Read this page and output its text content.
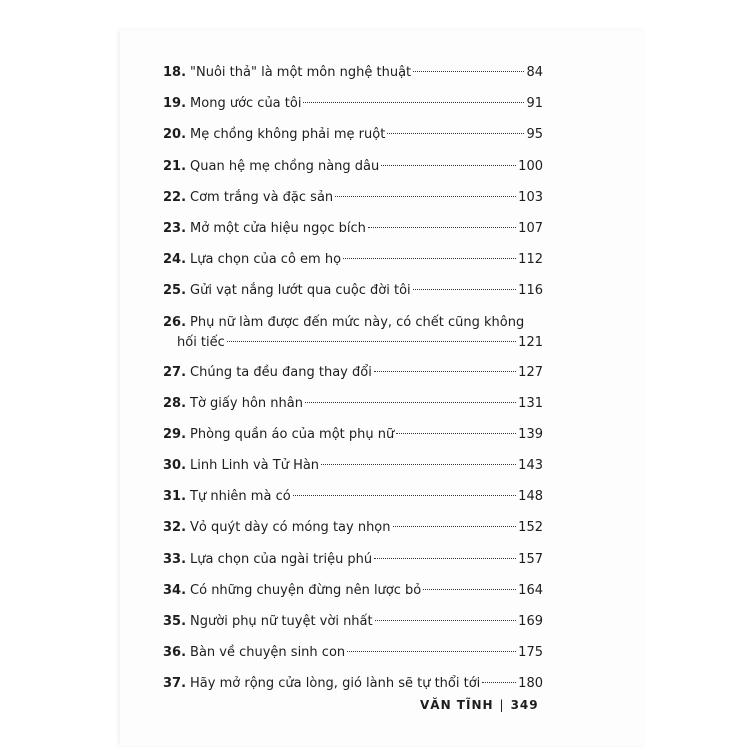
18. "Nuôi thả" là một môn nghệ thuật	84
19. Mong ước của tôi	91
20. Mẹ chồng không phải mẹ ruột	95
21. Quan hệ mẹ chồng nàng dâu	100
22. Cơm trắng và đặc sản	103
23. Mở một cửa hiệu ngọc bích	107
24. Lựa chọn của cô em họ	112
25. Gửi vạt nắng lướt qua cuộc đời tôi	116
26. Phụ nữ làm được đến mức này, có chết cũng không
hối tiếc	121
27. Chúng ta đều đang thay đổi	127
28. Tờ giấy hôn nhân	131
29. Phòng quần áo của một phụ nữ	139
30. Linh Linh và Tử Hàn	143
31. Tự nhiên mà có	148
32. Vỏ quýt dày có móng tay nhọn	152
33. Lựa chọn của ngài triệu phú	157
34. Có những chuyện đừng nên lược bỏ	164
35. Người phụ nữ tuyệt vời nhất	169
36. Bàn về chuyện sinh con	175
37. Hãy mở rộng cửa lòng, gió lành sẽ tự thổi tới	180
VĂN TĨNH | 349
